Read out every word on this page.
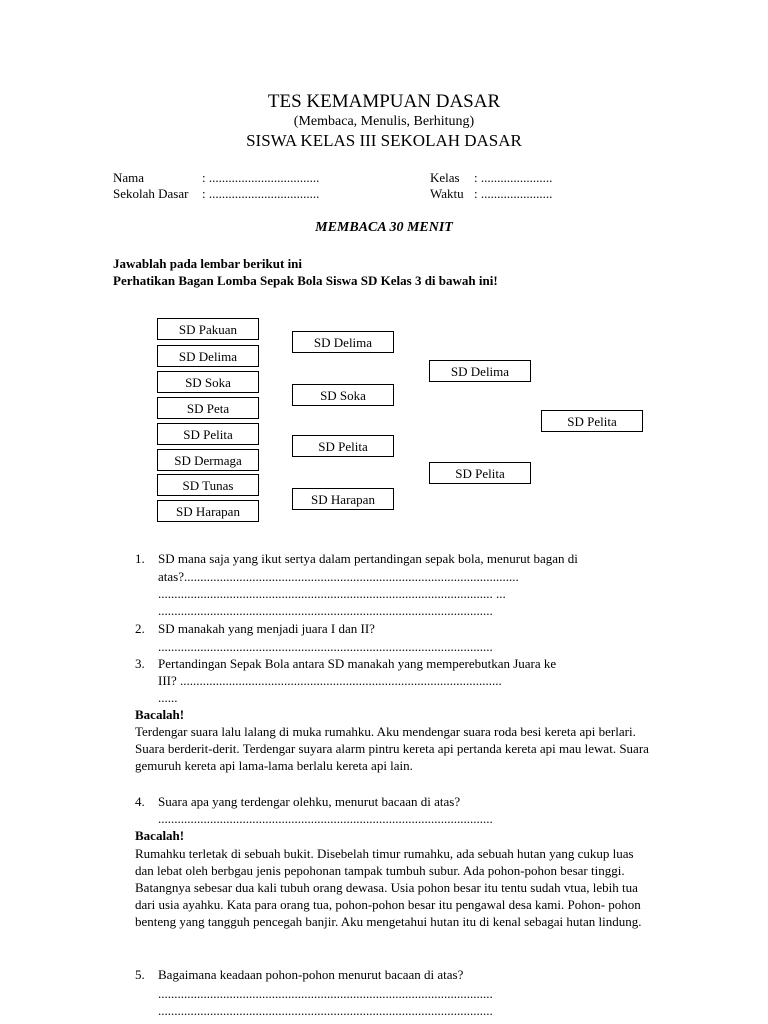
TES KEMAMPUAN DASAR
(Membaca, Menulis, Berhitung)
SISWA KELAS III SEKOLAH DASAR
Nama	: ..................................
Sekolah Dasar : ..................................
Kelas : ......................
Waktu : ......................
MEMBACA 30 MENIT
Jawablah pada lembar berikut ini
Perhatikan Bagan Lomba Sepak Bola Siswa SD Kelas 3 di bawah ini!
SD Pakuan
SD Delima
SD Soka
SD Peta
SD Pelita
SD Dermaga
SD Tunas
SD Harapan
SD Delima
SD Soka
SD Pelita
SD Harapan
SD Delima
SD Pelita
SD Pelita
1. SD mana saja yang ikut sertya dalam pertandingan sepak bola, menurut bagan di
atas?.......................................................................................................
....................................................................................................... ...
.......................................................................................................
2. SD manakah yang menjadi juara I dan II?
.......................................................................................................
3. Pertandingan Sepak Bola antara SD manakah yang memperebutkan Juara ke
III? ...................................................................................................
......
Bacalah!
Terdengar suara lalu lalang di muka rumahku. Aku mendengar suara roda besi kereta api berlari. Suara berderit-derit. Terdengar suyara alarm pintru kereta api pertanda kereta api mau lewat. Suara gemuruh kereta api lama-lama berlalu kereta api lain.
4. Suara apa yang terdengar olehku, menurut bacaan di atas?
.......................................................................................................
Bacalah!
Rumahku terletak di sebuah bukit. Disebelah timur rumahku, ada sebuah hutan yang cukup luas dan lebat oleh berbgau jenis pepohonan tampak tumbuh subur. Ada pohon-pohon besar tinggi. Batangnya sebesar dua kali tubuh orang dewasa. Usia pohon besar itu tentu sudah vtua, lebih tua dari usia ayahku. Kata para orang tua, pohon-pohon besar itu pengawal desa kami. Pohon- pohon benteng yang tangguh pencegah banjir. Aku mengetahui hutan itu di kenal sebagai hutan lindung.
5. Bagaimana keadaan pohon-pohon menurut bacaan di atas?
.......................................................................................................
.......................................................................................................
